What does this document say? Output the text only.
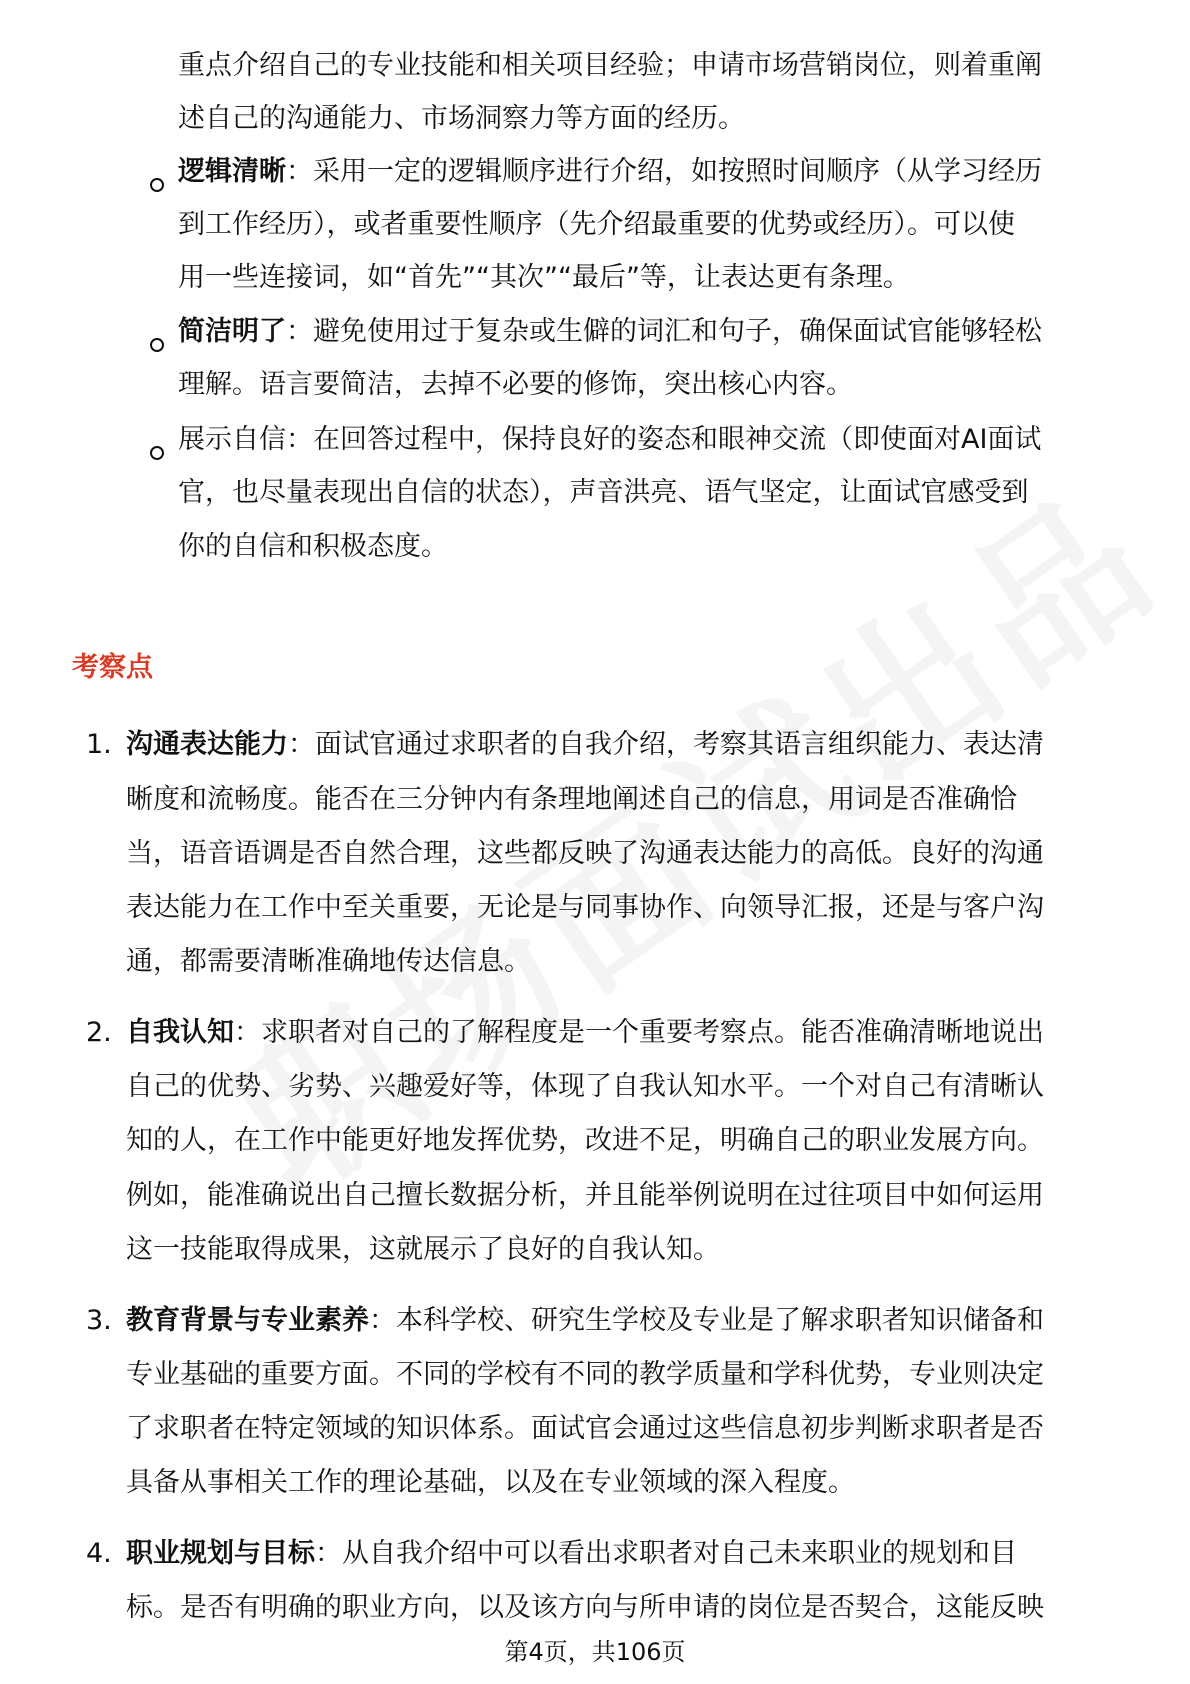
重点介绍自己的专业技能和相关项目经验；申请市场营销岗位，则着重阐
述自己的沟通能力、市场洞察力等方面的经历。
逻辑清晰：采用一定的逻辑顺序进行介绍，如按照时间顺序（从学习经历
到工作经历），或者重要性顺序（先介绍最重要的优势或经历）。可以使
用一些连接词，如“首先”“其次”“最后”等，让表达更有条理。
简洁明了：避免使用过于复杂或生僻的词汇和句子，确保面试官能够轻松
理解。语言要简洁，去掉不必要的修饰，突出核心内容。
展示自信：在回答过程中，保持良好的姿态和眼神交流（即使面对AI面试
官，也尽量表现出自信的状态），声音洪亮、语气坚定，让面试官感受到
你的自信和积极态度。
考察点
1. 沟通表达能力：面试官通过求职者的自我介绍，考察其语言组织能力、表达清
晰度和流畅度。能否在三分钟内有条理地阐述自己的信息，用词是否准确恰
当，语音语调是否自然合理，这些都反映了沟通表达能力的高低。良好的沟通
表达能力在工作中至关重要，无论是与同事协作、向领导汇报，还是与客户沟
通，都需要清晰准确地传达信息。
2. 自我认知：求职者对自己的了解程度是一个重要考察点。能否准确清晰地说出
自己的优势、劣势、兴趣爱好等，体现了自我认知水平。一个对自己有清晰认
知的人，在工作中能更好地发挥优势，改进不足，明确自己的职业发展方向。
例如，能准确说出自己擅长数据分析，并且能举例说明在过往项目中如何运用
这一技能取得成果，这就展示了良好的自我认知。
3. 教育背景与专业素养：本科学校、研究生学校及专业是了解求职者知识储备和
专业基础的重要方面。不同的学校有不同的教学质量和学科优势，专业则决定
了求职者在特定领域的知识体系。面试官会通过这些信息初步判断求职者是否
具备从事相关工作的理论基础，以及在专业领域的深入程度。
4. 职业规划与目标：从自我介绍中可以看出求职者对自己未来职业的规划和目
标。是否有明确的职业方向，以及该方向与所申请的岗位是否契合，这能反映
第4页，共106页
